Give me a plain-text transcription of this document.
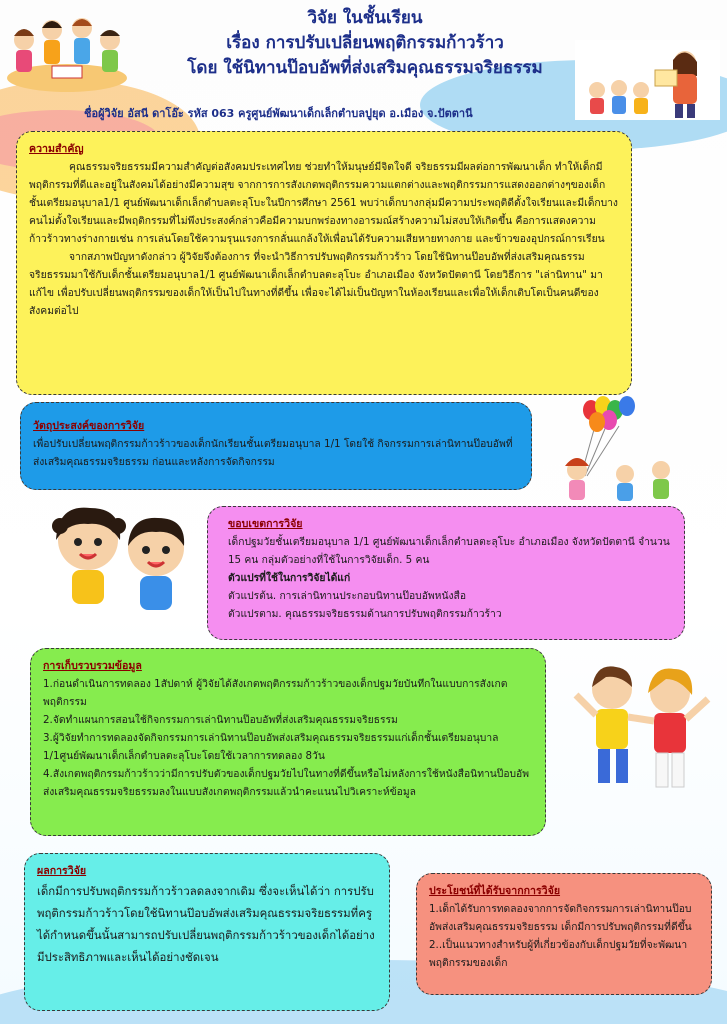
วิจัย ในชั้นเรียน
เรื่อง การปรับเปลี่ยนพฤติกรรมก้าวร้าว
โดย ใช้นิทานป๊อบอัพที่ส่งเสริมคุณธรรมจริยธรรม
ชื่อผู้วิจัย อัสนี ดาโอ๊ะ รหัส 063 ครูศูนย์พัฒนาเด็กเล็กตำบลปูยุด อ.เมือง จ.ปัตตานี
ความสำคัญ

คุณธรรมจริยธรรมมีความสำคัญต่อสังคมประเทศไทย ช่วยทำให้มนุษย์มีจิตใจดี จริยธรรมมีผลต่อการพัฒนาเด็ก ทำให้เด็กมีพฤติกรรมที่ดีและอยู่ในสังคมได้อย่างมีความสุข จากการการสังเกตพฤติกรรมความแตกต่างและพฤติกรรมการแสดงออกต่างๆของเด็กชั้นเตรียมอนุบาล1/1 ศูนย์พัฒนาเด็กเล็กตำบลตะลุโบะในปีการศึกษา 2561 พบว่าเด็กบางกลุ่มมีความประพฤติดีตั้งใจเรียนและมีเด็กบางคนไม่ตั้งใจเรียนและมีพฤติกรรมที่ไม่พึงประสงค์กล่าวคือมีความบกพร่องทางอารมณ์สร้างความไม่สงบให้เกิดขึ้น คือการแสดงความก้าวร้าวทางร่างกายเช่น การเล่นโดยใช้ความรุนแรงการกลั่นแกล้งให้เพื่อนได้รับความเสียหายทางกาย และข้าวของอุปกรณ์การเรียน

จากสภาพปัญหาดังกล่าว ผู้วิจัยจึงต้องการ ที่จะนำวิธีการปรับพฤติกรรมก้าวร้าว โดยใช้นิทานป๊อบอัพที่ส่งเสริมคุณธรรมจริยธรรมมาใช้กับเด็กชั้นเตรียมอนุบาล1/1 ศูนย์พัฒนาเด็กเล็กตำบลตะลุโบะ อำเภอเมือง จังหวัดปัตตานี โดยวิธีการ "เล่านิทาน" มาแก้ไข เพื่อปรับเปลี่ยนพฤติกรรมของเด็กให้เป็นไปในทางที่ดีขึ้น เพื่อจะได้ไม่เป็นปัญหาในห้องเรียนและเพื่อให้เด็กเติบโตเป็นคนดีของสังคมต่อไป

วัตถุประสงค์ของการวิจัย

เพื่อปรับเปลี่ยนพฤติกรรมก้าวร้าวของเด็กนักเรียนชั้นเตรียมอนุบาล 1/1 โดยใช้ กิจกรรมการเล่านิทานป๊อบอัพที่ส่งเสริมคุณธรรมจริยธรรม ก่อนและหลังการจัดกิจกรรม

ขอบเขตการวิจัย

เด็กปฐมวัยชั้นเตรียมอนุบาล 1/1 ศูนย์พัฒนาเด็กเล็กตำบลตะลุโบะ อำเภอเมือง จังหวัดปัตตานี จำนวน 15 คน กลุ่มตัวอย่างที่ใช้ในการวิจัยเด็ก. 5 คน

ตัวแปรที่ใช้ในการวิจัยได้แก่

ตัวแปรต้น. การเล่านิทานประกอบนิทานป๊อบอัพหนังสือ

ตัวแปรตาม. คุณธรรมจริยธรรมด้านการปรับพฤติกรรมก้าวร้าว

การเก็บรวบรวมข้อมูล

1.ก่อนดำเนินการทดลอง 1สัปดาห์ ผู้วิจัยได้สังเกตพฤติกรรมก้าวร้าวของเด็กปฐมวัยบันทึกในแบบการสังเกตพฤติกรรม

2.จัดทำแผนการสอนใช้กิจกรรมการเล่านิทานป๊อบอัพที่ส่งเสริมคุณธรรมจริยธรรม

3.ผู้วิจัยทำการทดลองจัดกิจกรรมการเล่านิทานป๊อบอัพส่งเสริมคุณธรรมจริยธรรมแก่เด็กชั้นเตรียมอนุบาล 1/1ศูนย์พัฒนาเด็กเล็กตำบลตะลุโบะโดยใช้เวลาการทดลอง 8วัน

4.สังเกตพฤติกรรมก้าวร้าวว่ามีการปรับตัวของเด็กปฐมวัยไปในทางที่ดีขึ้นหรือไม่หลังการใช้หนังสือนิทานป๊อบอัพส่งเสริมคุณธรรมจริยธรรมลงในแบบสังเกตพฤติกรรมแล้วนำคะแนนไปวิเคราะห์ข้อมูล

ผลการวิจัย

เด็กมีการปรับพฤติกรรมก้าวร้าวลดลงจากเดิม ซึ่งจะเห็นได้ว่า การปรับพฤติกรรมก้าวร้าวโดยใช้นิทานป๊อบอัพส่งเสริมคุณธรรมจริยธรรมที่ครูได้กำหนดขึ้นนั้นสามารถปรับเปลี่ยนพฤติกรรมก้าวร้าวของเด็กได้อย่างมีประสิทธิภาพและเห็นได้อย่างชัดเจน

ประโยชน์ที่ได้รับจากการวิจัย

1.เด็กได้รับการทดลองจากการจัดกิจกรรมการเล่านิทานป๊อบอัพส่งเสริมคุณธรรมจริยธรรม เด็กมีการปรับพฤติกรรมที่ดีขึ้น

2..เป็นแนวทางสำหรับผู้ที่เกี่ยวข้องกับเด็กปฐมวัยที่จะพัฒนาพฤติกรรมของเด็ก
